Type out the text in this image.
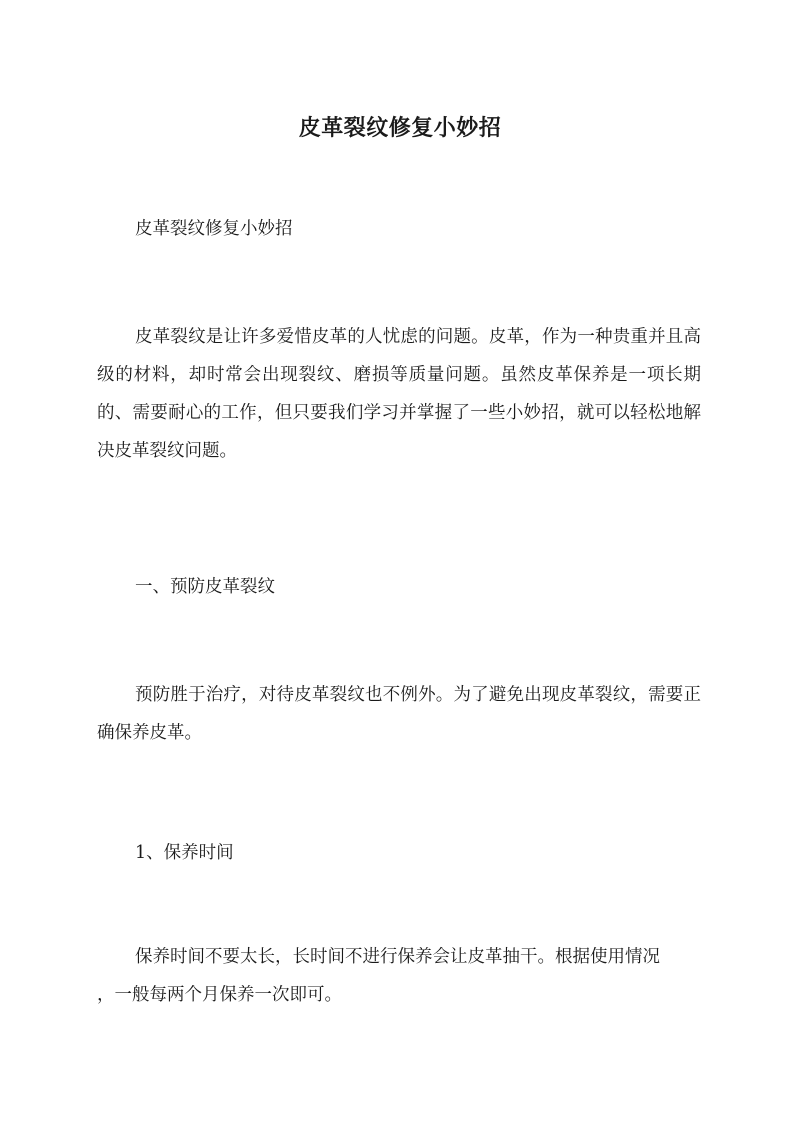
皮革裂纹修复小妙招

皮革裂纹修复小妙招

皮革裂纹是让许多爱惜皮革的人忧虑的问题。皮革，作为一种贵重并且高级的材料，却时常会出现裂纹、磨损等质量问题。虽然皮革保养是一项长期的、需要耐心的工作，但只要我们学习并掌握了一些小妙招，就可以轻松地解决皮革裂纹问题。

一、预防皮革裂纹

预防胜于治疗，对待皮革裂纹也不例外。为了避免出现皮革裂纹，需要正确保养皮革。

1、保养时间

保养时间不要太长，长时间不进行保养会让皮革抽干。根据使用情况
，一般每两个月保养一次即可。
